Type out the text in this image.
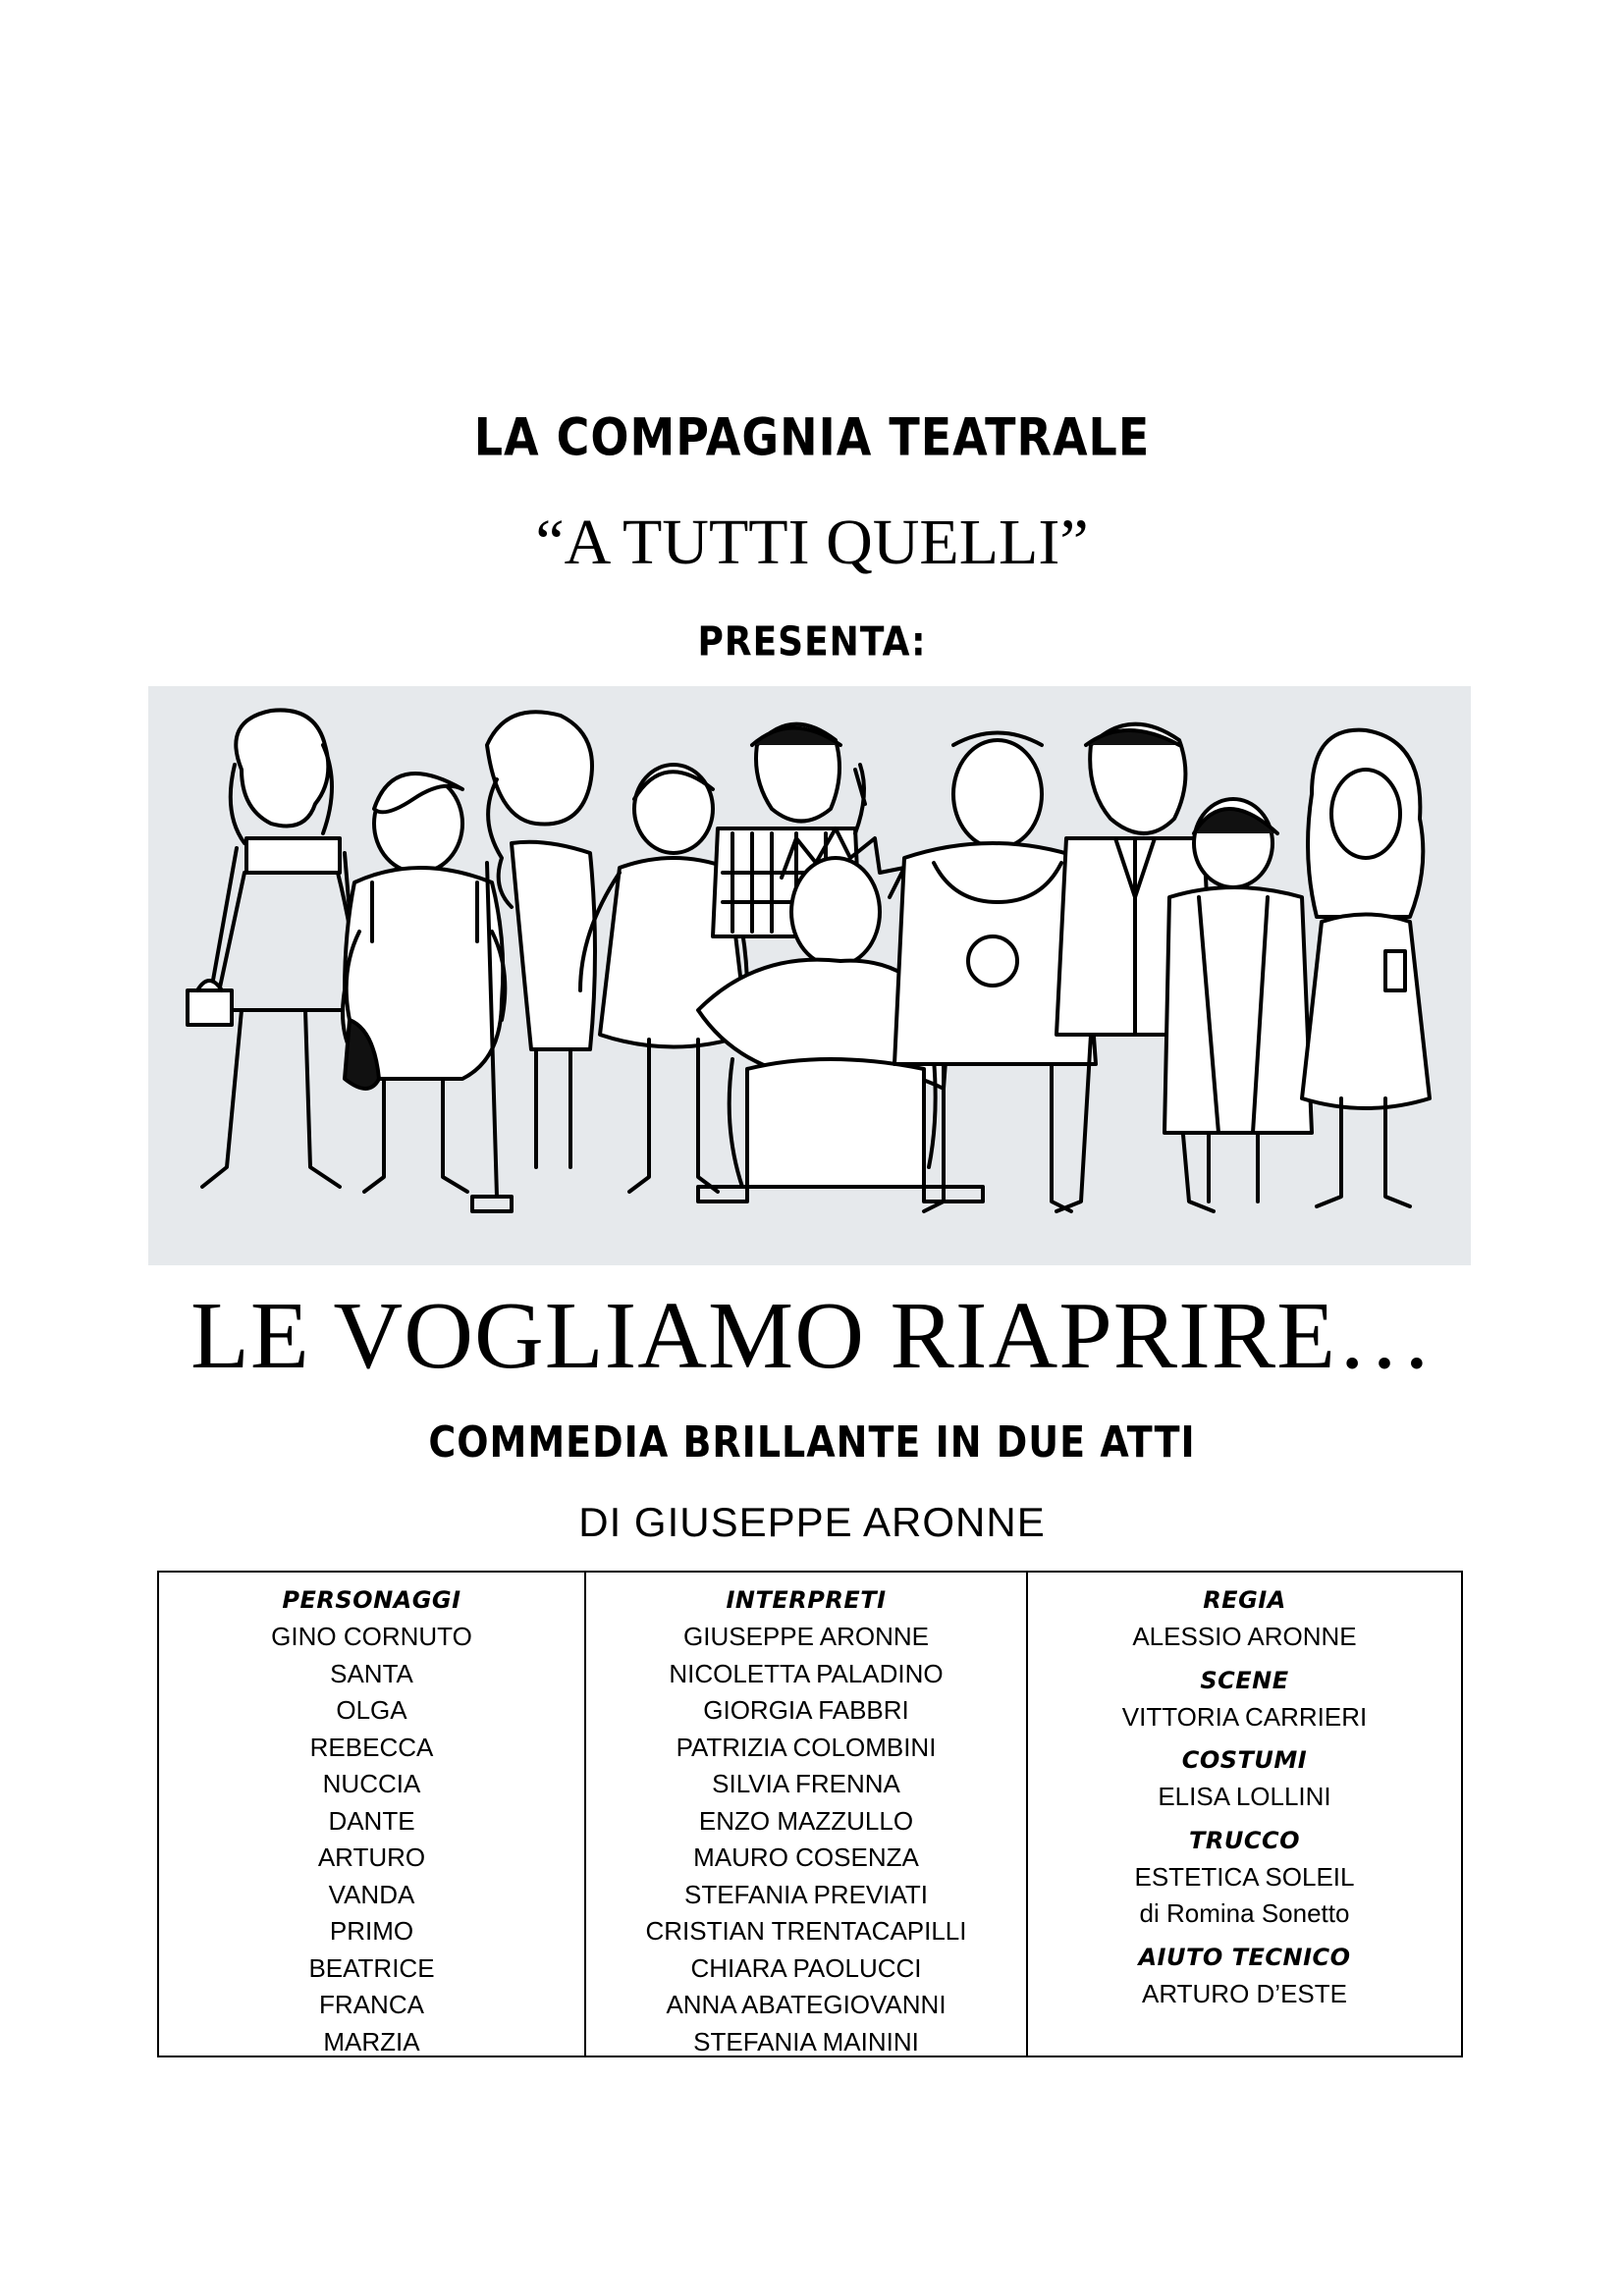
LA COMPAGNIA TEATRALE
“A TUTTI QUELLI”
PRESENTA:
LE VOGLIAMO RIAPRIRE…
COMMEDIA BRILLANTE IN DUE ATTI
DI GIUSEPPE ARONNE
PERSONAGGI
GINO CORNUTO
SANTA
OLGA
REBECCA
NUCCIA
DANTE
ARTURO
VANDA
PRIMO
BEATRICE
FRANCA
MARZIA
INTERPRETI
GIUSEPPE ARONNE
NICOLETTA PALADINO
GIORGIA FABBRI
PATRIZIA COLOMBINI
SILVIA FRENNA
ENZO MAZZULLO
MAURO COSENZA
STEFANIA PREVIATI
CRISTIAN TRENTACAPILLI
CHIARA PAOLUCCI
ANNA ABATEGIOVANNI
STEFANIA MAININI
REGIA
ALESSIO ARONNE
SCENE
VITTORIA CARRIERI
COSTUMI
ELISA LOLLINI
TRUCCO
ESTETICA SOLEIL
di Romina Sonetto
AIUTO TECNICO
ARTURO D’ESTE
